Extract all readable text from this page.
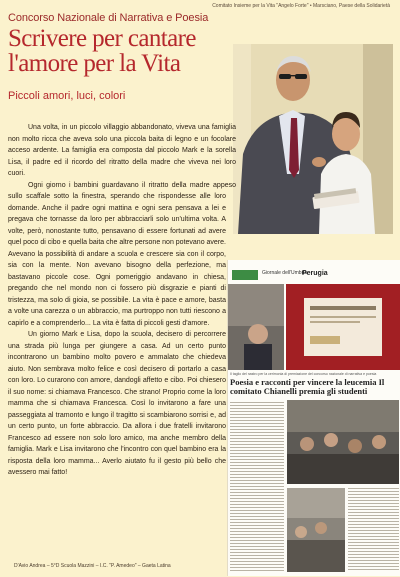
Comitato Insieme per la Vita "Angelo Forte" • Marsciano, Paese della Solidarietà
Concorso Nazionale di Narrativa e Poesia
Scrivere per cantare l'amore per la Vita
Piccoli amori, luci, colori
Giornale dell'Umbria
Perugia
Il taglio del nastro per la cerimonia di premiazione del concorso nazionale di narrativa e poesia
Poesia e racconti per vincere la leucemia Il comitato Chianelli premia gli studenti

Una volta, in un piccolo villaggio abbandonato, viveva una famiglia non molto ricca che aveva solo una piccola baita di legno e un focolare acceso ardente. La famiglia era composta dal piccolo Mark e la sorella Lisa, il padre ed il ricordo del ritratto della madre che viveva nei loro cuori.

Ogni giorno i bambini guardavano il ritratto della madre appeso sullo scaffale sotto la finestra, sperando che rispondesse alle loro domande. Anche il padre ogni mattina e ogni sera pensava a lei e pregava che tornasse da loro per abbracciarli solo un'ultima volta. A volte, però, nonostante tutto, pensavano di essere fortunati ad avere quel poco di cibo e quella baita che altre persone non potevano avere. Avevano la possibilità di andare a scuola e crescere sia con il corpo, sia con la mente. Non avevano bisogno della perfezione, ma bastavano piccole cose. Ogni pomeriggio andavano in chiesa, pregando che nel mondo non ci fossero più disgrazie e pianti di tristezza, ma solo di gioia, se possibile. La vita è pace e amore, basta a volte una carezza o un abbraccio, ma purtroppo non tutti riescono a capirlo e a comprenderlo... La vita è fatta di piccoli gesti d'amore.

Un giorno Mark e Lisa, dopo la scuola, decisero di percorrere una strada più lunga per giungere a casa. Ad un certo punto incontrarono un bambino molto povero e ammalato che chiedeva aiuto. Non sembrava molto felice e così decisero di portarlo a casa con loro. Lo curarono con amore, dandogli affetto e cibo. Poi chiesero il suo nome: si chiamava Francesco. Che strano! Proprio come la loro mamma che si chiamava Francesca. Così lo invitarono a fare una passeggiata al tramonto e lungo il tragitto si scambiarono sorrisi e, ad un certo punto, un forte abbraccio. Da allora i due fratelli invitarono Francesco ad essere non solo loro amico, ma anche membro della famiglia. Mark e Lisa invitarono che l'incontro con quel bambino era la risposta della loro mamma... Averlo aiutato fu il gesto più bello che avessero mai fatto!

D'Avio Andrea – 5°D Scuola Mazzini – I.C. "P. Amedeo" – Gaeta Latina
